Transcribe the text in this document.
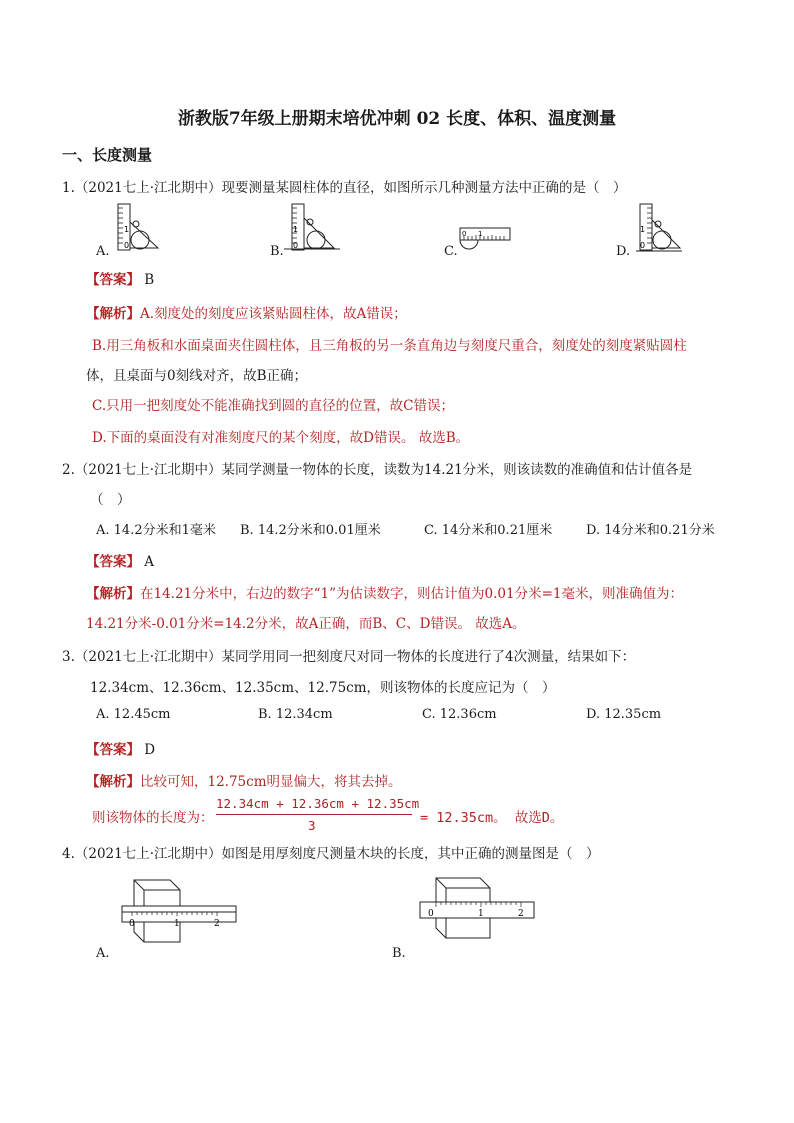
浙教版7年级上册期末培优冲刺 02 长度、体积、温度测量
一、长度测量
1.（2021七上·江北期中）现要测量某圆柱体的直径，如图所示几种测量方法中正确的是（　）
1
0
A.
1
0
B.
0 1
C.
1
0
D.
【答案】 B
【解析】A.刻度处的刻度应该紧贴圆柱体，故A错误；
B.用三角板和水面桌面夹住圆柱体，且三角板的另一条直角边与刻度尺重合，刻度处的刻度紧贴圆柱
体，且桌面与0刻线对齐，故B正确；
C.只用一把刻度处不能准确找到圆的直径的位置，故C错误；
D.下面的桌面没有对准刻度尺的某个刻度，故D错误。 故选B。
2.（2021七上·江北期中）某同学测量一物体的长度，读数为14.21分米，则该读数的准确值和估计值各是
（　）
A. 14.2分米和1毫米 B. 14.2分米和0.01厘米	C. 14分米和0.21厘米	D. 14分米和0.21分米
【答案】 A
【解析】在14.21分米中，右边的数字“1”为估读数字，则估计值为0.01分米=1毫米，则准确值为：
14.21分米-0.01分米=14.2分米，故A正确，而B、C、D错误。 故选A。
3.（2021七上·江北期中）某同学用同一把刻度尺对同一物体的长度进行了4次测量，结果如下：
12.34cm、12.36cm、12.35cm、12.75cm，则该物体的长度应记为（　）
A. 12.45cm	B. 12.34cm	C. 12.36cm	D. 12.35cm
【答案】 D
【解析】比较可知，12.75cm明显偏大，将其去掉。
则该物体的长度为：
12.34cm + 12.36cm + 12.35cm
3	= 12.35cm。 故选D。
4.（2021七上·江北期中）如图是用厚刻度尺测量木块的长度，其中正确的测量图是（　）
0	1	2
A.
0	1	2
B.
